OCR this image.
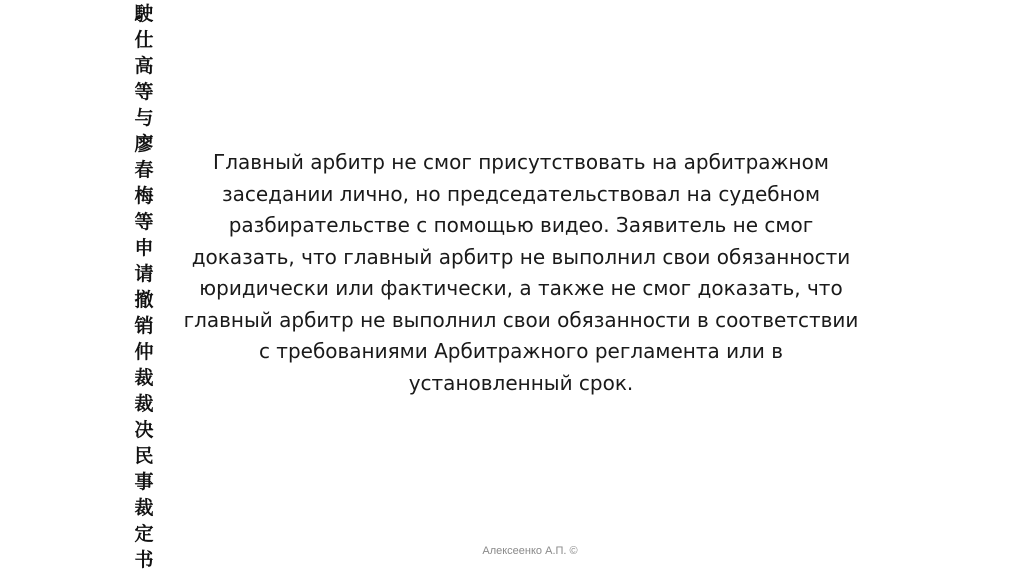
駛
仕
高
等
与
廖
春
梅
等
申
请
撤
销
仲
裁
裁
决
民
事
裁
定
书

Главный арбитр не смог присутствовать на арбитражном заседании лично, но председательствовал на судебном разбирательстве с помощью видео. Заявитель не смог доказать, что главный арбитр не выполнил свои обязанности юридически или фактически, а также не смог доказать, что главный арбитр не выполнил свои обязанности в соответствии с требованиями Арбитражного регламента или в установленный срок.

Алексеенко А.П. ©
